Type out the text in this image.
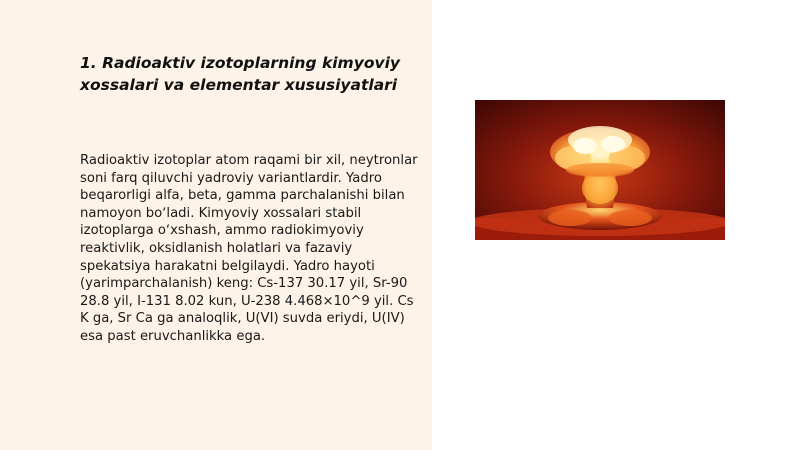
1. Radioaktiv izotoplarning kimyoviy xossalari va elementar xususiyatlari

Radioaktiv izotoplar atom raqami bir xil, neytronlar soni farq qiluvchi yadroviy variantlardir. Yadro beqarorligi alfa, beta, gamma parchalanishi bilan namoyon boʻladi. Kimyoviy xossalari stabil izotoplarga oʻxshash, ammo radiokimyoviy reaktivlik, oksidlanish holatlari va fazaviy spekatsiya harakatni belgilaydi. Yadro hayoti (yarimparchalanish) keng: Cs-137 30.17 yil, Sr-90 28.8 yil, I-131 8.02 kun, U-238 4.468×10^9 yil. Cs K ga, Sr Ca ga analoqlik, U(VI) suvda eriydi, U(IV) esa past eruvchanlikka ega.
